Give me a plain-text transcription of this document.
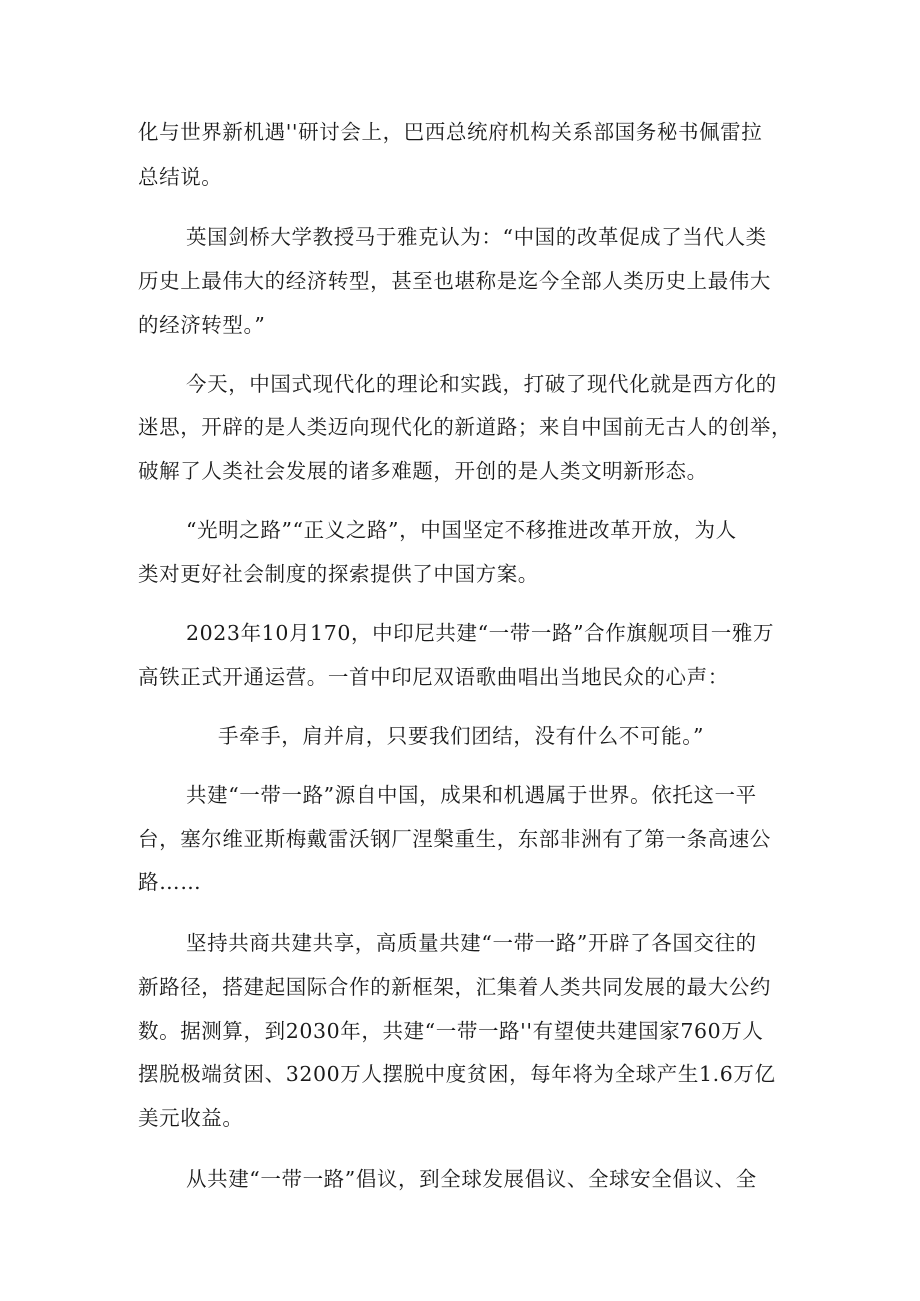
化与世界新机遇''研讨会上，巴西总统府机构关系部国务秘书佩雷拉
总结说。
英国剑桥大学教授马于雅克认为：“中国的改革促成了当代人类
历史上最伟大的经济转型，甚至也堪称是迄今全部人类历史上最伟大
的经济转型。”
今天，中国式现代化的理论和实践，打破了现代化就是西方化的
迷思，开辟的是人类迈向现代化的新道路；来自中国前无古人的创举，
破解了人类社会发展的诸多难题，开创的是人类文明新形态。
“光明之路”“正义之路”，中国坚定不移推进改革开放，为人
类对更好社会制度的探索提供了中国方案。
2023年10月170，中印尼共建“一带一路”合作旗舰项目一雅万
高铁正式开通运营。一首中印尼双语歌曲唱出当地民众的心声：
手牵手，肩并肩，只要我们团结，没有什么不可能。”
共建“一带一路”源自中国，成果和机遇属于世界。依托这一平
台，塞尔维亚斯梅戴雷沃钢厂涅槃重生，东部非洲有了第一条高速公
路……
坚持共商共建共享，高质量共建“一带一路”开辟了各国交往的
新路径，搭建起国际合作的新框架，汇集着人类共同发展的最大公约
数。据测算，到2030年，共建“一带一路''有望使共建国家760万人
摆脱极端贫困、3200万人摆脱中度贫困，每年将为全球产生1.6万亿
美元收益。
从共建“一带一路”倡议，到全球发展倡议、全球安全倡议、全
